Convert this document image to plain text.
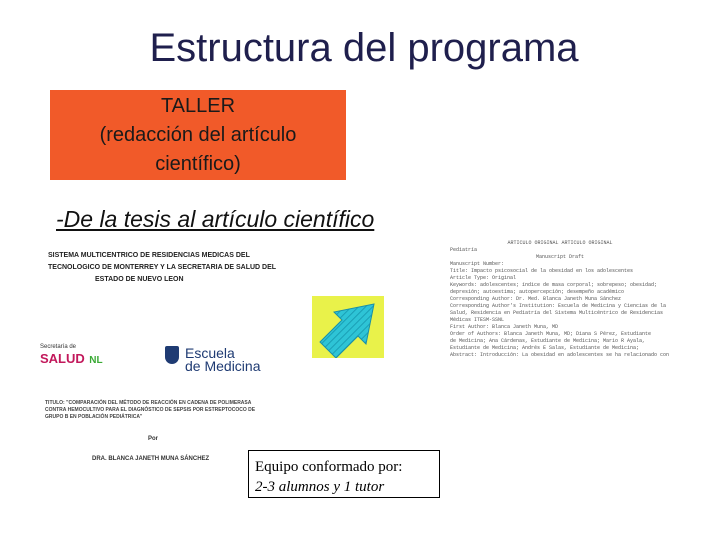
Estructura del programa
TALLER
(redacción del artículo
científico)
-De la tesis al artículo científico
SISTEMA MULTICENTRICO DE RESIDENCIAS MEDICAS DEL
TECNOLOGICO DE MONTERREY Y LA SECRETARIA DE SALUD DEL
ESTADO DE NUEVO LEON
Secretaría de
SALUD NL	Escuela
de Medicina
TITULO: "COMPARACIÓN DEL MÉTODO DE REACCIÓN EN CADENA DE POLIMERASA CONTRA HEMOCULTIVO PARA EL DIAGNÓSTICO DE SEPSIS POR ESTREPTOCOCO DE GRUPO B EN POBLACIÓN PEDIÁTRICA"
Por
DRA. BLANCA JANETH MUNA SÁNCHEZ
ARTICULO ORIGINAL ARTICULO ORIGINAL
Pediatría
Manuscript Draft
Manuscript Number:
Title: Impacto psicosocial de la obesidad en los adolescentes
Article Type: Original
Keywords: adolescentes; índice de masa corporal; sobrepeso; obesidad;
depresión; autoestima; autopercepción; desempeño académico
Corresponding Author: Dr. Med. Blanca Janeth Muna Sánchez
Corresponding Author's Institution: Escuela de Medicina y Ciencias de la
Salud, Residencia en Pediatría del Sistema Multicéntrico de Residencias
Médicas ITESM-SSNL
First Author: Blanca Janeth Muna, MD
Order of Authors: Blanca Janeth Muna, MD; Diana S Pérez, Estudiante
de Medicina; Ana Cárdenas, Estudiante de Medicina; Mario R Ayala,
Estudiante de Medicina; Andrés E Salas, Estudiante de Medicina;
Abstract: Introducción: La obesidad en adolescentes se ha relacionado con
Equipo conformado por:
2-3 alumnos y 1 tutor
